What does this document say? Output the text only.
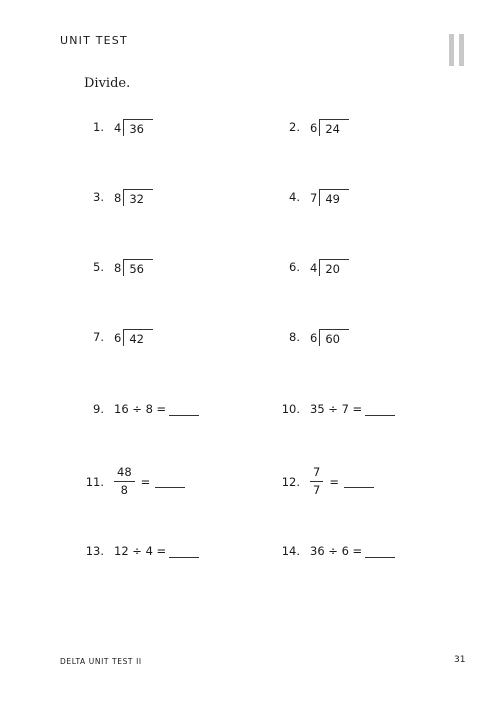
UNIT TEST
Divide.
1. 4 36	2. 6 24
3. 8 32	4. 7 49
5. 8 56	6. 4 20
7. 6 42	8. 6 60
9. 16 ÷ 8 =	10. 35 ÷ 7 =
11. $\frac{48}{8}$ =	12. $\frac{7}{7}$ =
13. 12 ÷ 4 =	14. 36 ÷ 6 =
DELTA UNIT TEST II	31
